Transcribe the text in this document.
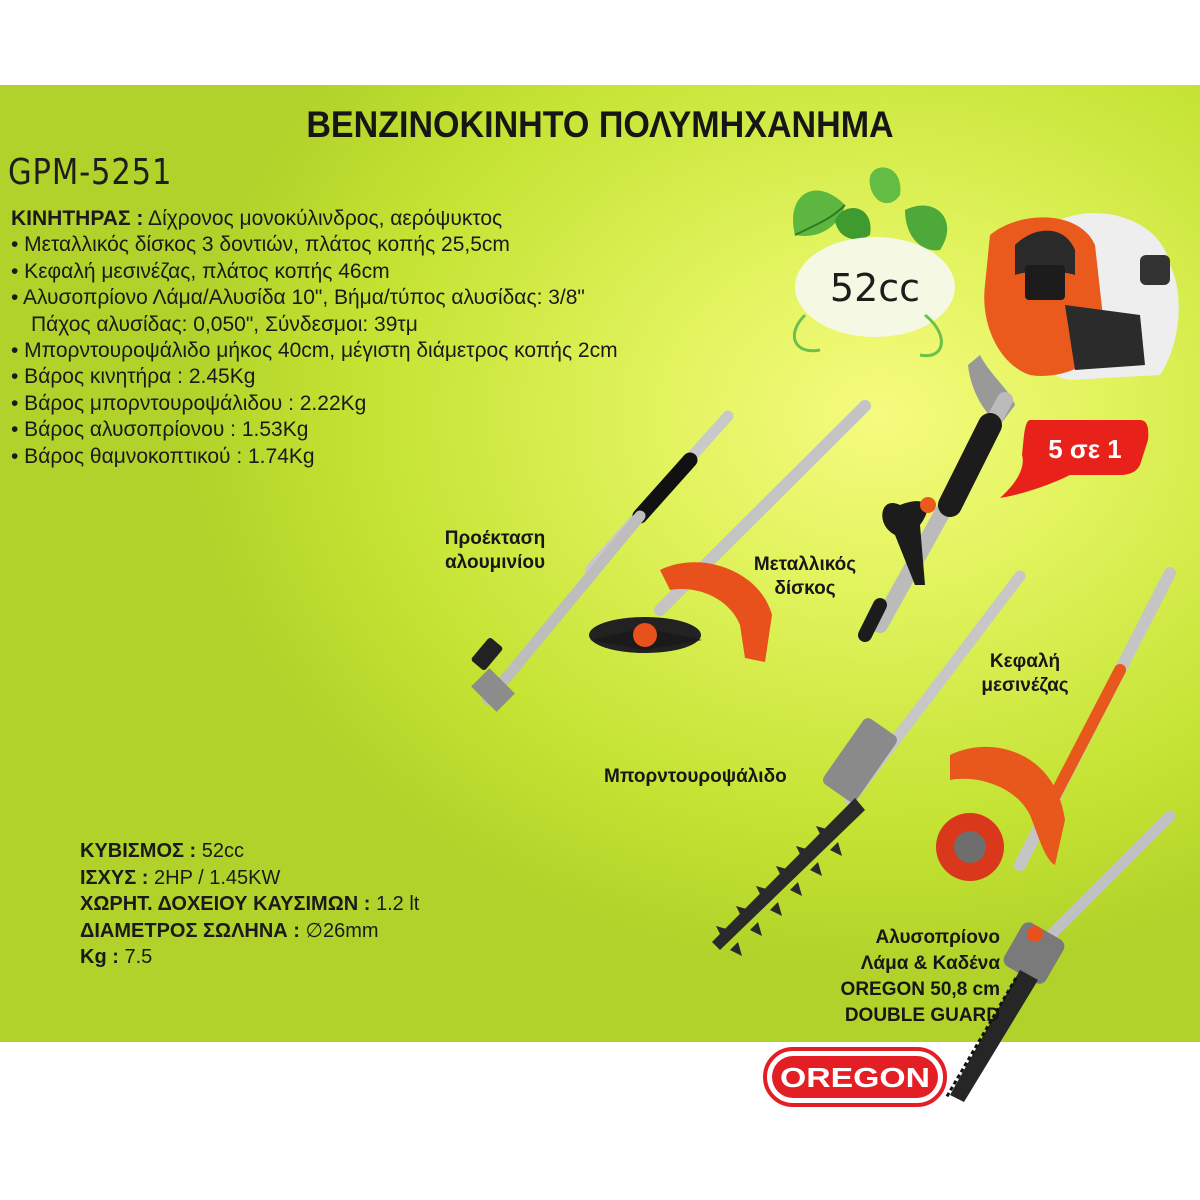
ΒΕΝΖΙΝΟΚΙΝΗΤΟ ΠΟΛΥΜΗΧΑΝΗΜΑ
GPM-5251
ΚΙΝΗΤΗΡΑΣ : Δίχρονος μονοκύλινδρος, αερόψυκτος
• Μεταλλικός δίσκος 3 δοντιών, πλάτος κοπής 25,5cm
• Κεφαλή μεσινέζας, πλάτος κοπής 46cm
• Αλυσοπρίονο Λάμα/Αλυσίδα 10", Βήμα/τύπος αλυσίδας: 3/8"
Πάχος αλυσίδας: 0,050", Σύνδεσμοι: 39τμ
• Μπορντουροψάλιδο μήκος 40cm, μέγιστη διάμετρος κοπής 2cm
• Βάρος κινητήρα : 2.45Kg
• Βάρος μπορντουροψάλιδου : 2.22Kg
• Βάρος αλυσοπρίονου : 1.53Kg
• Βάρος θαμνοκοπτικού : 1.74Kg
52cc
5 σε 1
Προέκταση
αλουμινίου	Μεταλλικός
δίσκος
Κεφαλή
μεσινέζας
Μπορντουροψάλιδο
Αλυσοπρίονο
Λάμα & Καδένα
OREGON 50,8 cm
DOUBLE GUARD
OREGON
ΚΥΒΙΣΜΟΣ : 52cc
ΙΣΧΥΣ : 2HP / 1.45KW
ΧΩΡΗΤ. ΔΟΧΕΙΟΥ ΚΑΥΣΙΜΩΝ : 1.2 lt
ΔΙΑΜΕΤΡΟΣ ΣΩΛΗΝΑ : ∅26mm
Kg : 7.5
